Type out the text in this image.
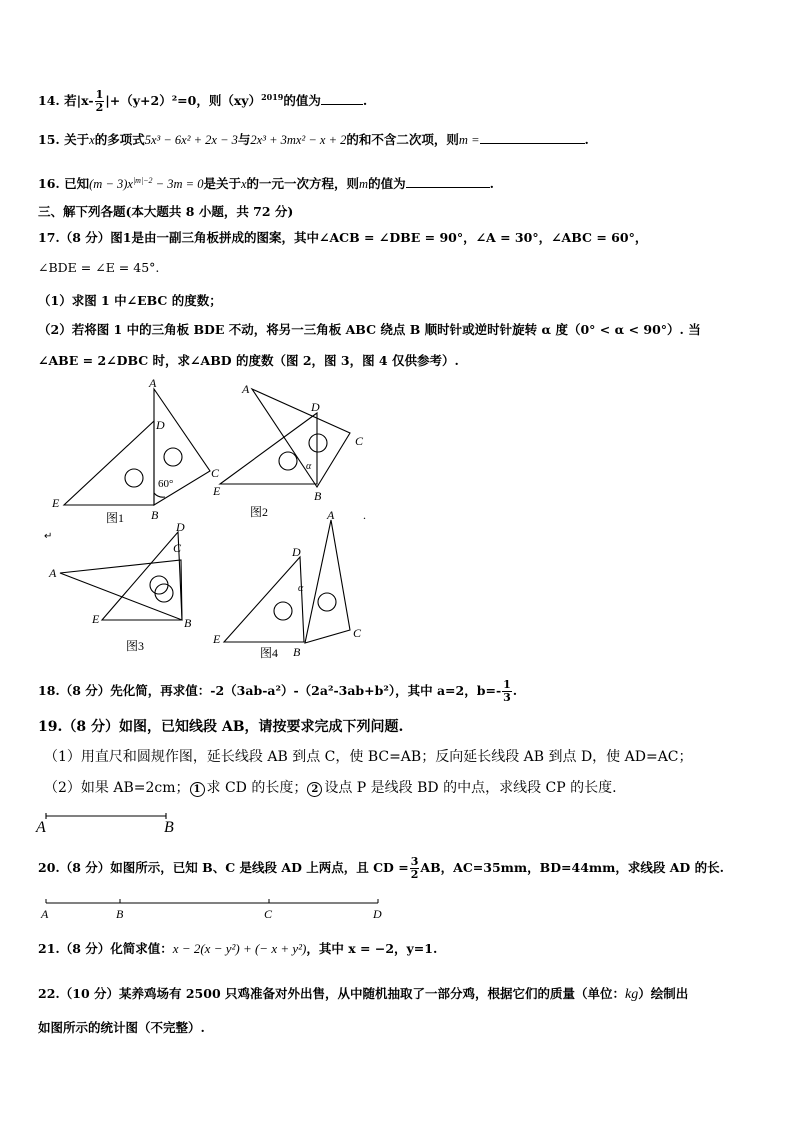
14. 若$|x- \frac{1}{2} |+(y+2)^2=0$，则（xy）$^{2019}$的值为	.
15. 关于x的多项式5x³ − 6x² + 2x − 3与2x³ + 3mx² − x + 2的和不含二次项，则m =	.
16. 已知$(m - 3)x^{|m|-2} - 3m = 0$是关于x的一元一次方程，则m的值为	.
三、解下列各题(本大题共 8 小题，共 72 分)
17.（8 分）图1是由一副三角板拼成的图案，其中∠ACB = ∠DBE = 90°，∠A = 30°，∠ABC = 60°，
∠BDE = ∠E = 45°.
（1）求图 1 中∠EBC 的度数；
（2）若将图 1 中的三角板 BDE 不动，将另一三角板 ABC 绕点 B 顺时针或逆时针旋转 α 度（0° < α < 90°）. 当
∠ABE = 2∠DBC 时，求∠ABD 的度数（图 2，图 3，图 4 仅供参考）.
A
D
C
E
B
60°
图1
A
D
C
E	B
α
图2
D
C
A
E	B
图3
↵
A .
D
α
C
E
B
图4
18.（8 分）先化简，再求值：-2（3ab-a²）-（2a²-3ab+b²），其中 a=2，$b=- \frac{1}{3}$ .
19.（8 分）如图，已知线段 AB，请按要求完成下列问题.
（1）用直尺和圆规作图，延长线段 AB 到点 C，使 BC=AB；反向延长线段 AB 到点 D，使 AD=AC；
（2）如果 AB=2cm； 1 求 CD 的长度； 2 设点 P 是线段 BD 的中点，求线段 CP 的长度.
A	B
20.（8 分）如图所示，已知 B、C 是线段 AD 上两点，且 CD = $\frac{3}{2}$ AB，AC=35mm，BD=44mm，求线段 AD 的长.
A	B	C	D
21.（8 分）化简求值：x − 2(x − y²) + (− x + y²)，其中 x = −2，y=1.
22.（10 分）某养鸡场有 2500 只鸡准备对外出售，从中随机抽取了一部分鸡，根据它们的质量（单位：kg）绘制出
如图所示的统计图（不完整）.
